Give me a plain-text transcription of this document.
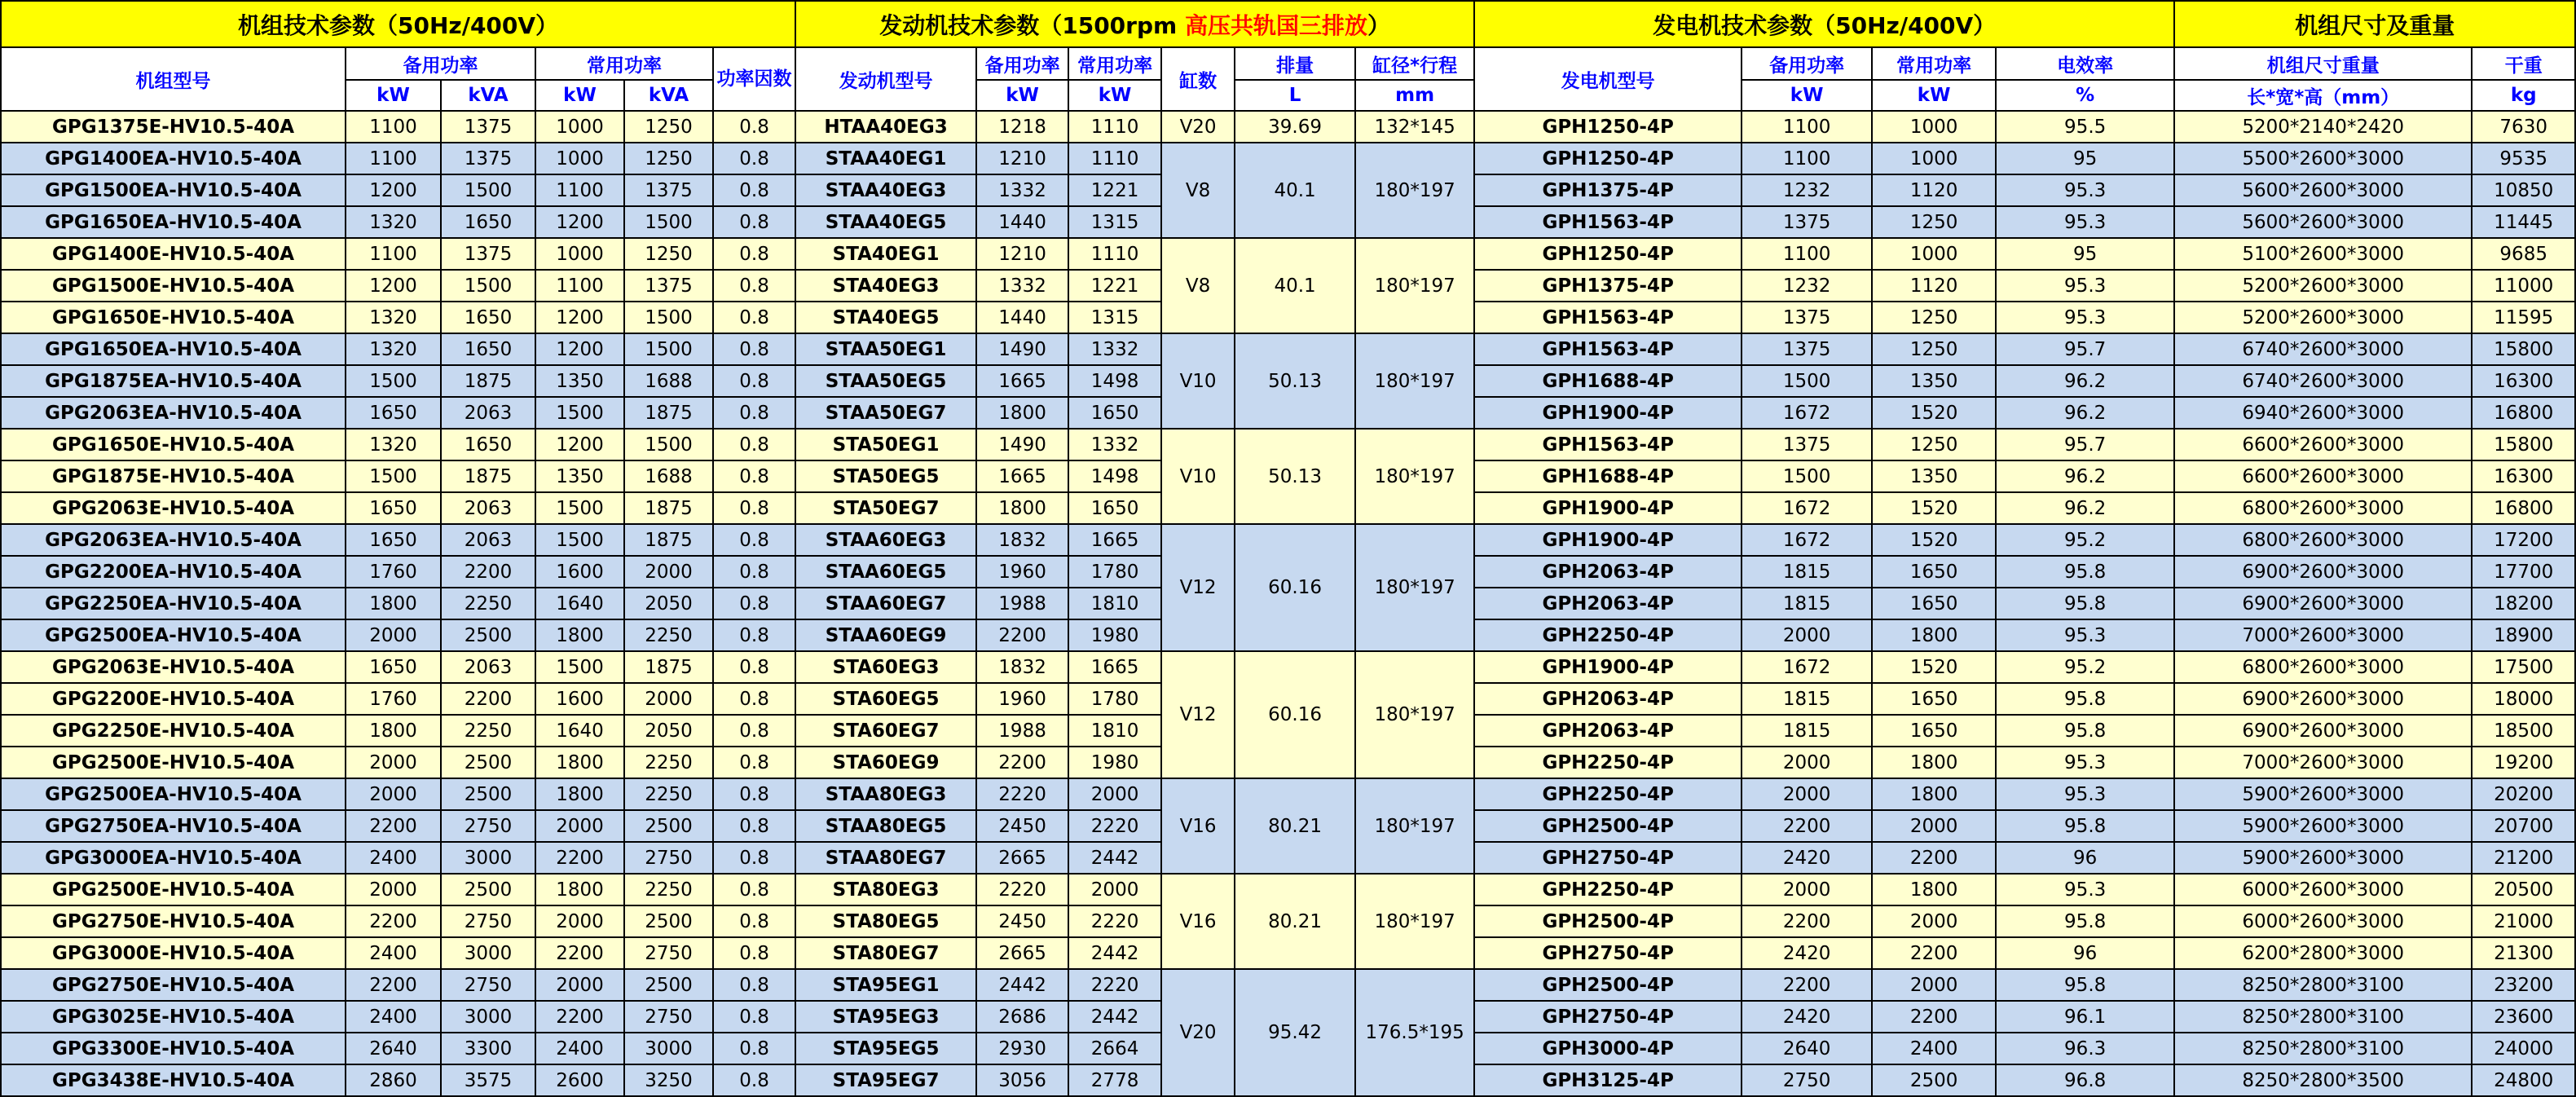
机组技术参数（50Hz/400V）						发动机技术参数（1500rpm 高压共轨国三排放）						发电机技术参数（50Hz/400V）				机组尺寸及重量	
机组型号	备用功率		常用功率		功率因数	发动机型号	备用功率	常用功率	缸数	排量	缸径*行程	发电机型号	备用功率	常用功率	电效率	机组尺寸重量	干重
	kW	kVA	kW	kVA			kW	kW		L	mm		kW	kW	%	长*宽*高（mm）	kg
GPG1375E-HV10.5-40A	1100	1375	1000	1250	0.8	HTAA40EG3	1218	1110	V20	39.69	132*145	GPH1250-4P	1100	1000	95.5	5200*2140*2420	7630
GPG1400EA-HV10.5-40A	1100	1375	1000	1250	0.8	STAA40EG1	1210	1110	V8	40.1	180*197	GPH1250-4P	1100	1000	95	5500*2600*3000	9535
GPG1500EA-HV10.5-40A	1200	1500	1100	1375	0.8	STAA40EG3	1332	1221				GPH1375-4P	1232	1120	95.3	5600*2600*3000	10850
GPG1650EA-HV10.5-40A	1320	1650	1200	1500	0.8	STAA40EG5	1440	1315				GPH1563-4P	1375	1250	95.3	5600*2600*3000	11445
GPG1400E-HV10.5-40A	1100	1375	1000	1250	0.8	STA40EG1	1210	1110	V8	40.1	180*197	GPH1250-4P	1100	1000	95	5100*2600*3000	9685
GPG1500E-HV10.5-40A	1200	1500	1100	1375	0.8	STA40EG3	1332	1221				GPH1375-4P	1232	1120	95.3	5200*2600*3000	11000
GPG1650E-HV10.5-40A	1320	1650	1200	1500	0.8	STA40EG5	1440	1315				GPH1563-4P	1375	1250	95.3	5200*2600*3000	11595
GPG1650EA-HV10.5-40A	1320	1650	1200	1500	0.8	STAA50EG1	1490	1332	V10	50.13	180*197	GPH1563-4P	1375	1250	95.7	6740*2600*3000	15800
GPG1875EA-HV10.5-40A	1500	1875	1350	1688	0.8	STAA50EG5	1665	1498				GPH1688-4P	1500	1350	96.2	6740*2600*3000	16300
GPG2063EA-HV10.5-40A	1650	2063	1500	1875	0.8	STAA50EG7	1800	1650				GPH1900-4P	1672	1520	96.2	6940*2600*3000	16800
GPG1650E-HV10.5-40A	1320	1650	1200	1500	0.8	STA50EG1	1490	1332	V10	50.13	180*197	GPH1563-4P	1375	1250	95.7	6600*2600*3000	15800
GPG1875E-HV10.5-40A	1500	1875	1350	1688	0.8	STA50EG5	1665	1498				GPH1688-4P	1500	1350	96.2	6600*2600*3000	16300
GPG2063E-HV10.5-40A	1650	2063	1500	1875	0.8	STA50EG7	1800	1650				GPH1900-4P	1672	1520	96.2	6800*2600*3000	16800
GPG2063EA-HV10.5-40A	1650	2063	1500	1875	0.8	STAA60EG3	1832	1665	V12	60.16	180*197	GPH1900-4P	1672	1520	95.2	6800*2600*3000	17200
GPG2200EA-HV10.5-40A	1760	2200	1600	2000	0.8	STAA60EG5	1960	1780				GPH2063-4P	1815	1650	95.8	6900*2600*3000	17700
GPG2250EA-HV10.5-40A	1800	2250	1640	2050	0.8	STAA60EG7	1988	1810				GPH2063-4P	1815	1650	95.8	6900*2600*3000	18200
GPG2500EA-HV10.5-40A	2000	2500	1800	2250	0.8	STAA60EG9	2200	1980				GPH2250-4P	2000	1800	95.3	7000*2600*3000	18900
GPG2063E-HV10.5-40A	1650	2063	1500	1875	0.8	STA60EG3	1832	1665	V12	60.16	180*197	GPH1900-4P	1672	1520	95.2	6800*2600*3000	17500
GPG2200E-HV10.5-40A	1760	2200	1600	2000	0.8	STA60EG5	1960	1780				GPH2063-4P	1815	1650	95.8	6900*2600*3000	18000
GPG2250E-HV10.5-40A	1800	2250	1640	2050	0.8	STA60EG7	1988	1810				GPH2063-4P	1815	1650	95.8	6900*2600*3000	18500
GPG2500E-HV10.5-40A	2000	2500	1800	2250	0.8	STA60EG9	2200	1980				GPH2250-4P	2000	1800	95.3	7000*2600*3000	19200
GPG2500EA-HV10.5-40A	2000	2500	1800	2250	0.8	STAA80EG3	2220	2000	V16	80.21	180*197	GPH2250-4P	2000	1800	95.3	5900*2600*3000	20200
GPG2750EA-HV10.5-40A	2200	2750	2000	2500	0.8	STAA80EG5	2450	2220				GPH2500-4P	2200	2000	95.8	5900*2600*3000	20700
GPG3000EA-HV10.5-40A	2400	3000	2200	2750	0.8	STAA80EG7	2665	2442				GPH2750-4P	2420	2200	96	5900*2600*3000	21200
GPG2500E-HV10.5-40A	2000	2500	1800	2250	0.8	STA80EG3	2220	2000	V16	80.21	180*197	GPH2250-4P	2000	1800	95.3	6000*2600*3000	20500
GPG2750E-HV10.5-40A	2200	2750	2000	2500	0.8	STA80EG5	2450	2220				GPH2500-4P	2200	2000	95.8	6000*2600*3000	21000
GPG3000E-HV10.5-40A	2400	3000	2200	2750	0.8	STA80EG7	2665	2442				GPH2750-4P	2420	2200	96	6200*2800*3000	21300
GPG2750E-HV10.5-40A	2200	2750	2000	2500	0.8	STA95EG1	2442	2220	V20	95.42	176.5*195	GPH2500-4P	2200	2000	95.8	8250*2800*3100	23200
GPG3025E-HV10.5-40A	2400	3000	2200	2750	0.8	STA95EG3	2686	2442				GPH2750-4P	2420	2200	96.1	8250*2800*3100	23600
GPG3300E-HV10.5-40A	2640	3300	2400	3000	0.8	STA95EG5	2930	2664				GPH3000-4P	2640	2400	96.3	8250*2800*3100	24000
GPG3438E-HV10.5-40A	2860	3575	2600	3250	0.8	STA95EG7	3056	2778				GPH3125-4P	2750	2500	96.8	8250*2800*3500	24800
